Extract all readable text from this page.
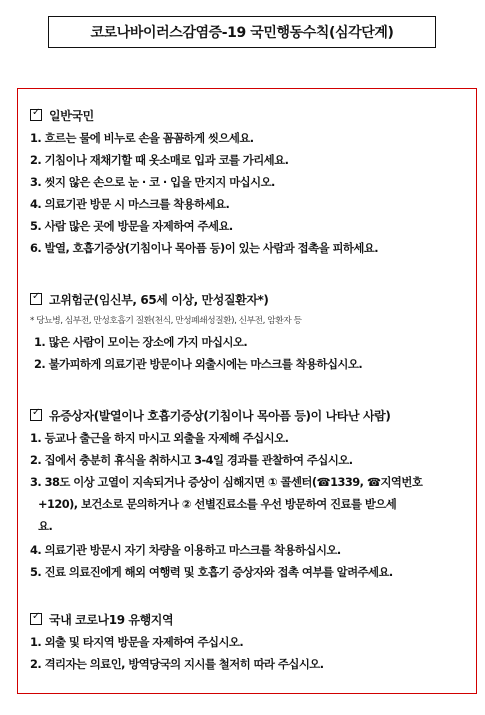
코로나바이러스감염증-19 국민행동수칙(심각단계)
✓일반국민
1. 흐르는 물에 비누로 손을 꼼꼼하게 씻으세요.
2. 기침이나 재채기할 때 옷소매로 입과 코를 가리세요.
3. 씻지 않은 손으로 눈 · 코 · 입을 만지지 마십시오.
4. 의료기관 방문 시 마스크를 착용하세요.
5. 사람 많은 곳에 방문을 자제하여 주세요.
6. 발열, 호흡기증상(기침이나 목아픔 등)이 있는 사람과 접촉을 피하세요.
✓고위험군(임신부, 65세 이상, 만성질환자*)
* 당뇨병, 심부전, 만성호흡기 질환(천식, 만성폐쇄성질환), 신부전, 암환자 등
1. 많은 사람이 모이는 장소에 가지 마십시오.
2. 불가피하게 의료기관 방문이나 외출시에는 마스크를 착용하십시오.
✓유증상자(발열이나 호흡기증상(기침이나 목아픔 등)이 나타난 사람)
1. 등교나 출근을 하지 마시고 외출을 자제해 주십시오.
2. 집에서 충분히 휴식을 취하시고 3-4일 경과를 관찰하여 주십시오.
3. 38도 이상 고열이 지속되거나 증상이 심해지면 ① 콜센터(☎1339, ☎지역번호
+120), 보건소로 문의하거나 ② 선별진료소를 우선 방문하여 진료를 받으세
요.
4. 의료기관 방문시 자기 차량을 이용하고 마스크를 착용하십시오.
5. 진료 의료진에게 해외 여행력 및 호흡기 증상자와 접촉 여부를 알려주세요.
✓국내 코로나19 유행지역
1. 외출 및 타지역 방문을 자제하여 주십시오.
2. 격리자는 의료인, 방역당국의 지시를 철저히 따라 주십시오.
